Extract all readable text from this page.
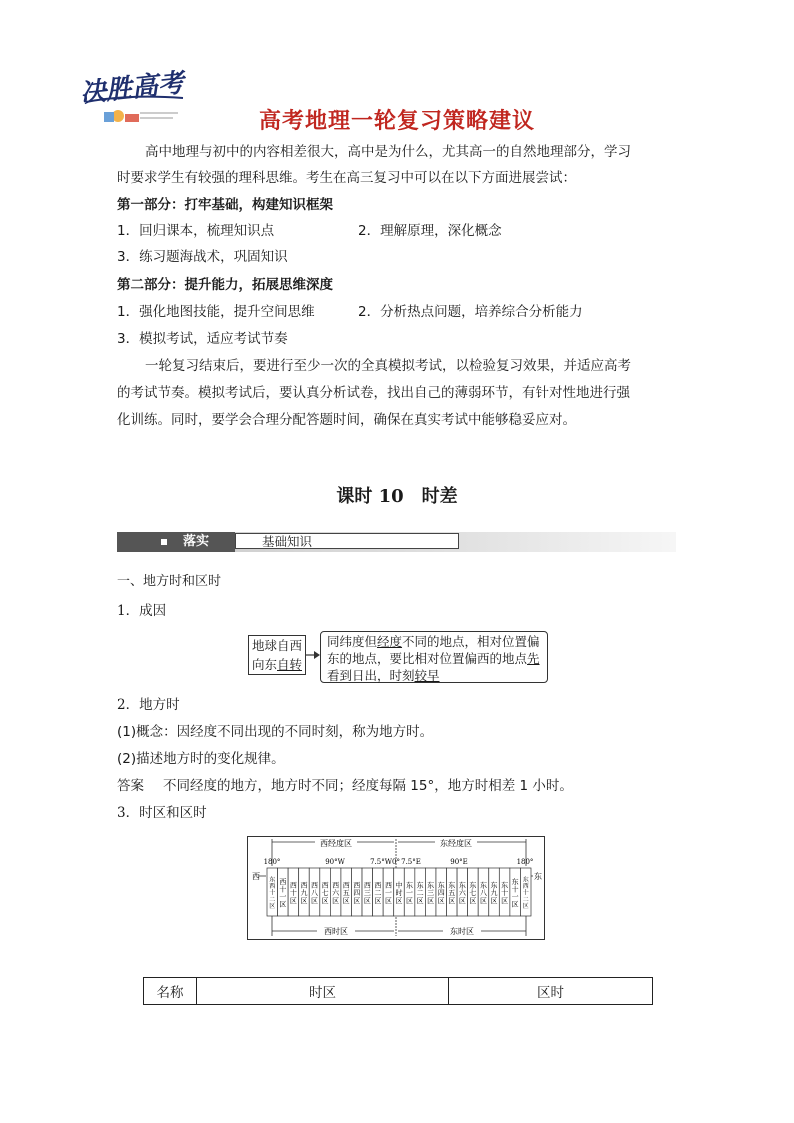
决胜高考
高考地理一轮复习策略建议
高中地理与初中的内容相差很大，高中是为什么，尤其高一的自然地理部分，学习
时要求学生有较强的理科思维。考生在高三复习中可以在以下方面进展尝试：
第一部分：打牢基础，构建知识框架
1．回归课本，梳理知识点	2．理解原理，深化概念
3．练习题海战术，巩固知识
第二部分：提升能力，拓展思维深度
1．强化地图技能，提升空间思维	2．分析热点问题，培养综合分析能力
3．模拟考试，适应考试节奏
一轮复习结束后，要进行至少一次的全真模拟考试，以检验复习效果，并适应高考
的考试节奏。模拟考试后，要认真分析试卷，找出自己的薄弱环节，有针对性地进行强
化训练。同时，要学会合理分配答题时间，确保在真实考试中能够稳妥应对。
课时 10　时差
落实	基础知识
一、地方时和区时
1．成因
地球自西
向东自转
同纬度但经度不同的地点，相对位置偏
东的地点，要比相对位置偏西的地点先
看到日出，时刻较早
2．地方时
(1)概念：因经度不同出现的不同时刻，称为地方时。
(2)描述地方时的变化规律。
答案 不同经度的地方，地方时不同；经度每隔 15°，地方时相差 1 小时。
3．时区和区时
西经度区	东经度区
180°	90°W	7.5°W 0° 7.5°E	90°E	180°
西	东
东
西
十
二
区
西
十
一
区
西
十
区
西
九
区
西
八
区
西
七
区
西
六
区
西
五
区
西
四
区
西
三
区
西
二
区
西
一
区
中
时
区
东
一
区
东
二
区
东
三
区
东
四
区
东
五
区
东
六
区
东
七
区
东
八
区
东
九
区
东
十
区
东
十
一
区
东
西
十
二
区
西时区	东时区
名称	时区	区时
